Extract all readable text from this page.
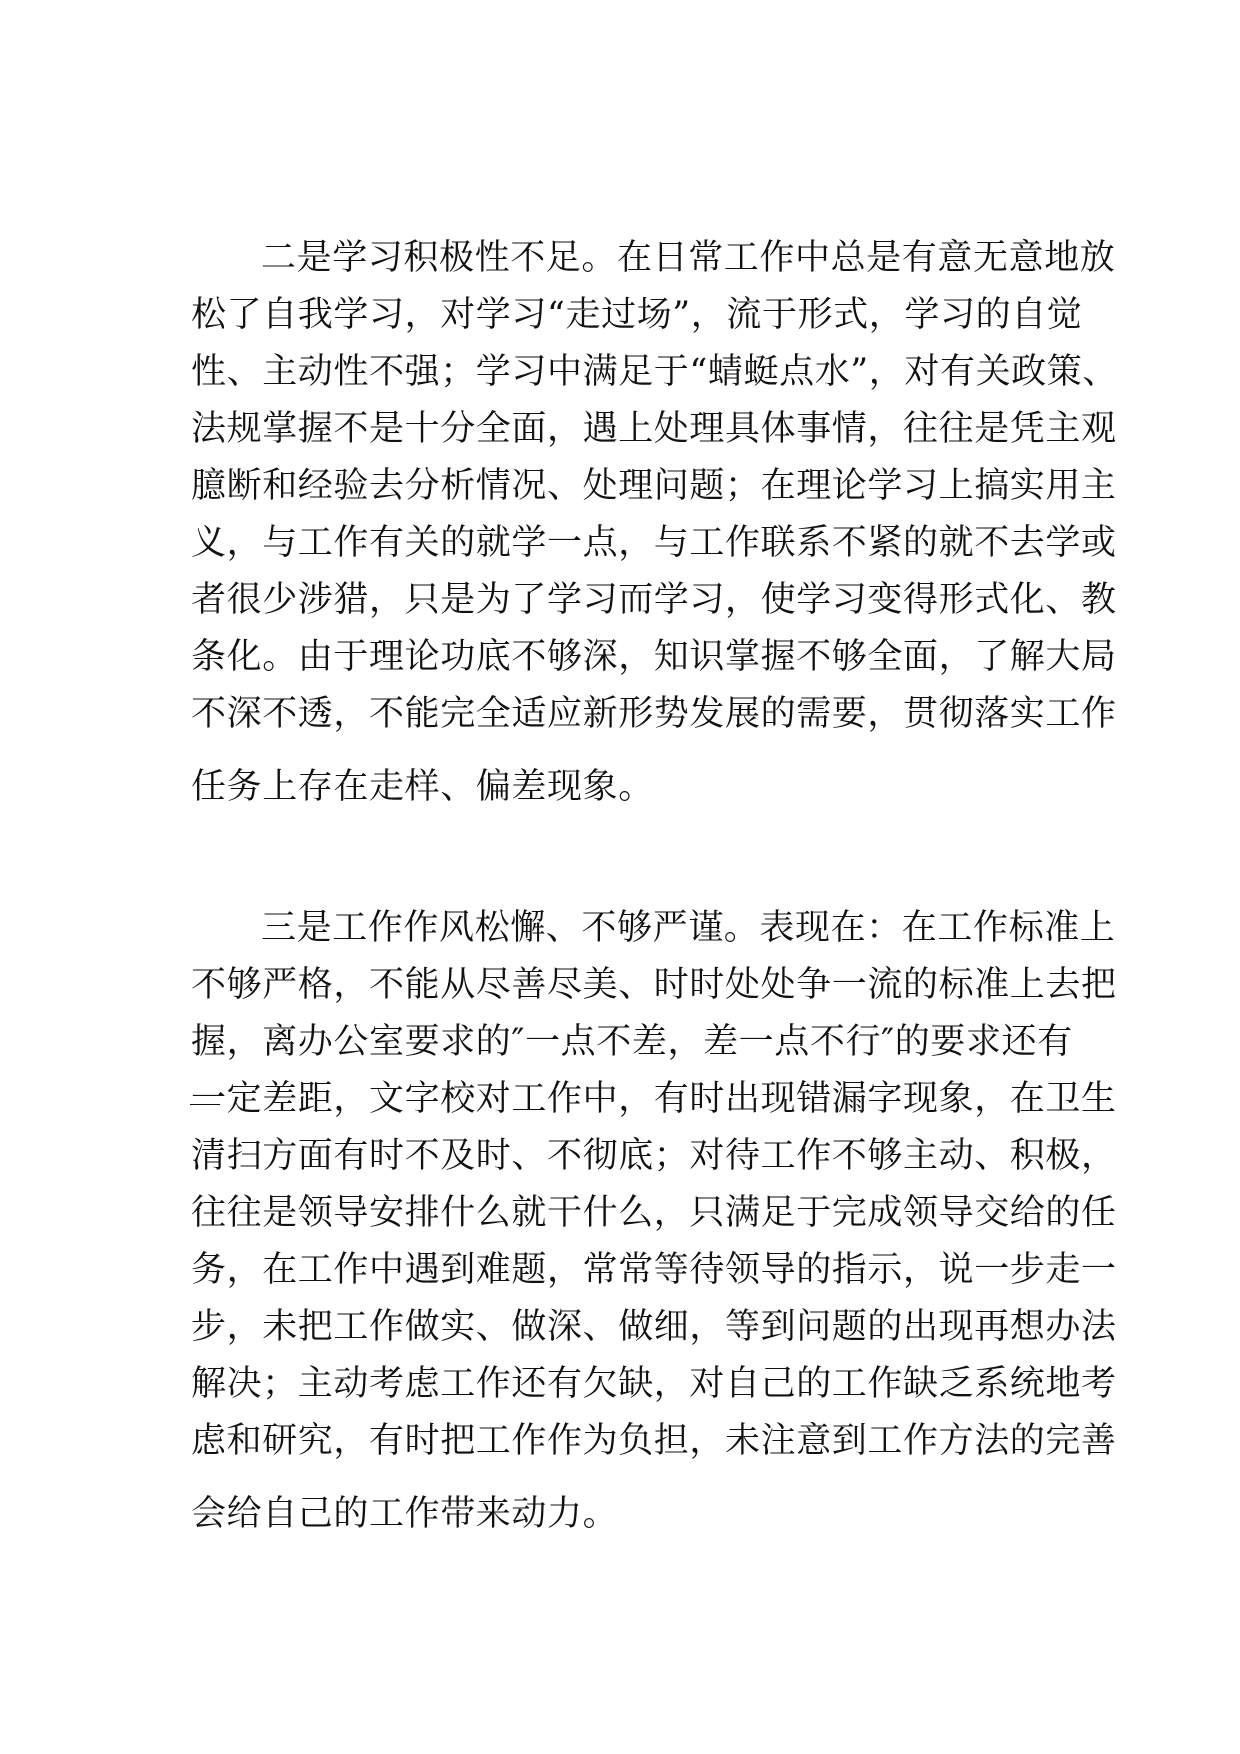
二是学习积极性不足。在日常工作中总是有意无意地放

松了自我学习，对学习“走过场”，流于形式，学习的自觉

性、主动性不强；学习中满足于“蜻蜓点水”，对有关政策、

法规掌握不是十分全面，遇上处理具体事情，往往是凭主观

臆断和经验去分析情况、处理问题；在理论学习上搞实用主

义，与工作有关的就学一点，与工作联系不紧的就不去学或

者很少涉猎，只是为了学习而学习，使学习变得形式化、教

条化。由于理论功底不够深，知识掌握不够全面，了解大局

不深不透，不能完全适应新形势发展的需要，贯彻落实工作

任务上存在走样、偏差现象。

三是工作作风松懈、不够严谨。表现在：在工作标准上

不够严格，不能从尽善尽美、时时处处争一流的标准上去把

握，离办公室要求的″一点不差，差一点不行″的要求还有

一定差距，文字校对工作中，有时出现错漏字现象，在卫生

清扫方面有时不及时、不彻底；对待工作不够主动、积极，

往往是领导安排什么就干什么，只满足于完成领导交给的任

务，在工作中遇到难题，常常等待领导的指示，说一步走一

步，未把工作做实、做深、做细，等到问题的出现再想办法

解决；主动考虑工作还有欠缺，对自己的工作缺乏系统地考

虑和研究，有时把工作作为负担，未注意到工作方法的完善

会给自己的工作带来动力。
